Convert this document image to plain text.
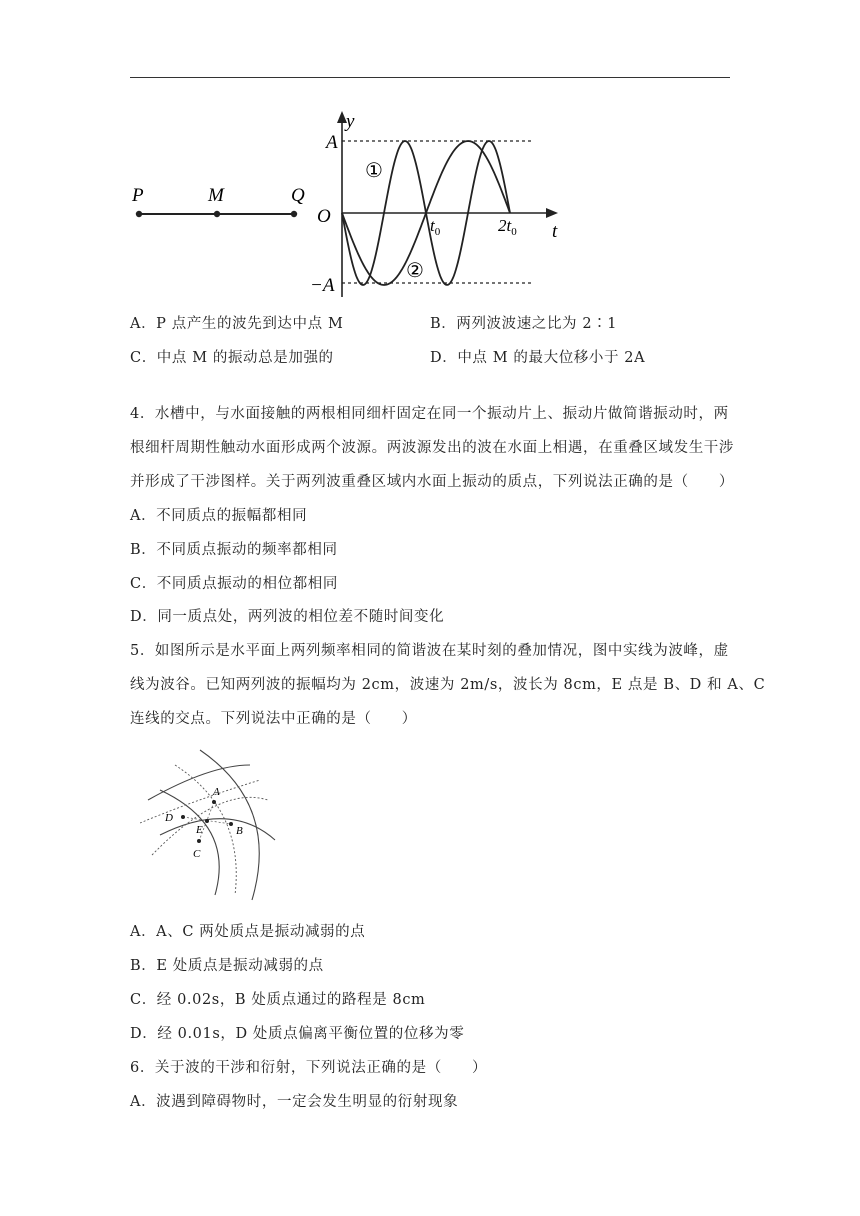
P	M	Q
y
t
O
A
−A
$t_0$	$2t_0$
①
②
A．P 点产生的波先到达中点 M	B．两列波波速之比为 2∶1
C．中点 M 的振动总是加强的	D．中点 M 的最大位移小于 2A
4．水槽中，与水面接触的两根相同细杆固定在同一个振动片上、振动片做简谐振动时，两
根细杆周期性触动水面形成两个波源。两波源发出的波在水面上相遇，在重叠区域发生干涉
并形成了干涉图样。关于两列波重叠区域内水面上振动的质点，下列说法正确的是（　　）
A．不同质点的振幅都相同
B．不同质点振动的频率都相同
C．不同质点振动的相位都相同
D．同一质点处，两列波的相位差不随时间变化
5．如图所示是水平面上两列频率相同的简谐波在某时刻的叠加情况，图中实线为波峰，虚
线为波谷。已知两列波的振幅均为 2cm，波速为 2m/s，波长为 8cm，E 点是 B、D 和 A、C
连线的交点。下列说法中正确的是（　　）
A
B
C
D
E
A．A、C 两处质点是振动减弱的点
B．E 处质点是振动减弱的点
C．经 0.02s，B 处质点通过的路程是 8cm
D．经 0.01s，D 处质点偏离平衡位置的位移为零
6．关于波的干涉和衍射，下列说法正确的是（　　）
A．波遇到障碍物时，一定会发生明显的衍射现象
